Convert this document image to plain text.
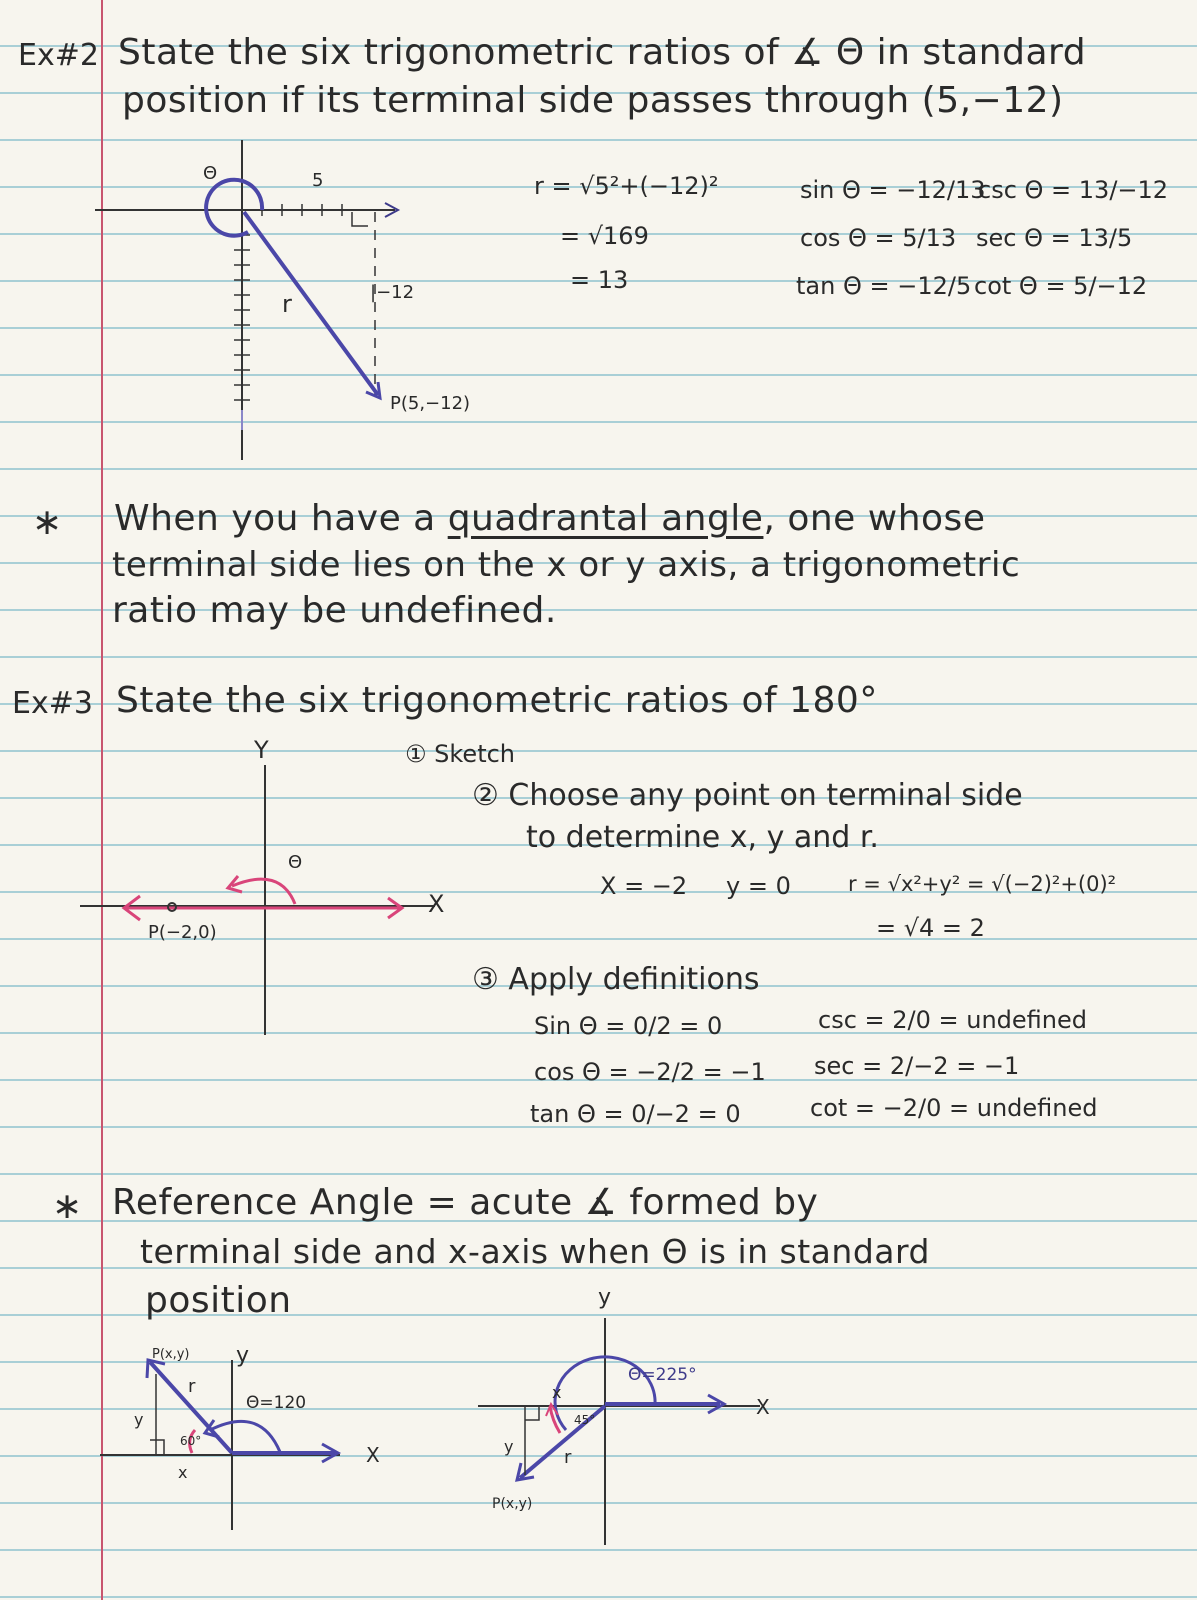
Ex#2 State the six trigonometric ratios of ∡ Θ in standard
position if its terminal side passes through (5,−12)
Θ	5
|−12
r
P(5,−12)
r = √5²+(−12)²
= √169
= 13
sin Θ = −12/13
cos Θ = 5/13
tan Θ = −12/5
csc Θ = 13/−12
sec Θ = 13/5
cot Θ = 5/−12
∗ When you have a quadrantal angle, one whose
terminal side lies on the x or y axis, a trigonometric
ratio may be undefined.
Ex#3 State the six trigonometric ratios of 180°
Y
X
Θ
P(−2,0)
① Sketch
② Choose any point on terminal side
to determine x, y and r.
X = −2 y = 0	r = √x²+y² = √(−2)²+(0)²
= √4 = 2
③ Apply definitions
Sin Θ = 0/2 = 0
cos Θ = −2/2 = −1
tan Θ = 0/−2 = 0
csc = 2/0 = undefined
sec = 2/−2 = −1
cot = −2/0 = undefined
∗ Reference Angle = acute ∡ formed by
terminal side and x-axis when Θ is in standard
position
y
X
P(x,y)
Θ=120
60°
r
x
y
y
X
Θ=225°
45°
P(x,y)
r
x
y
